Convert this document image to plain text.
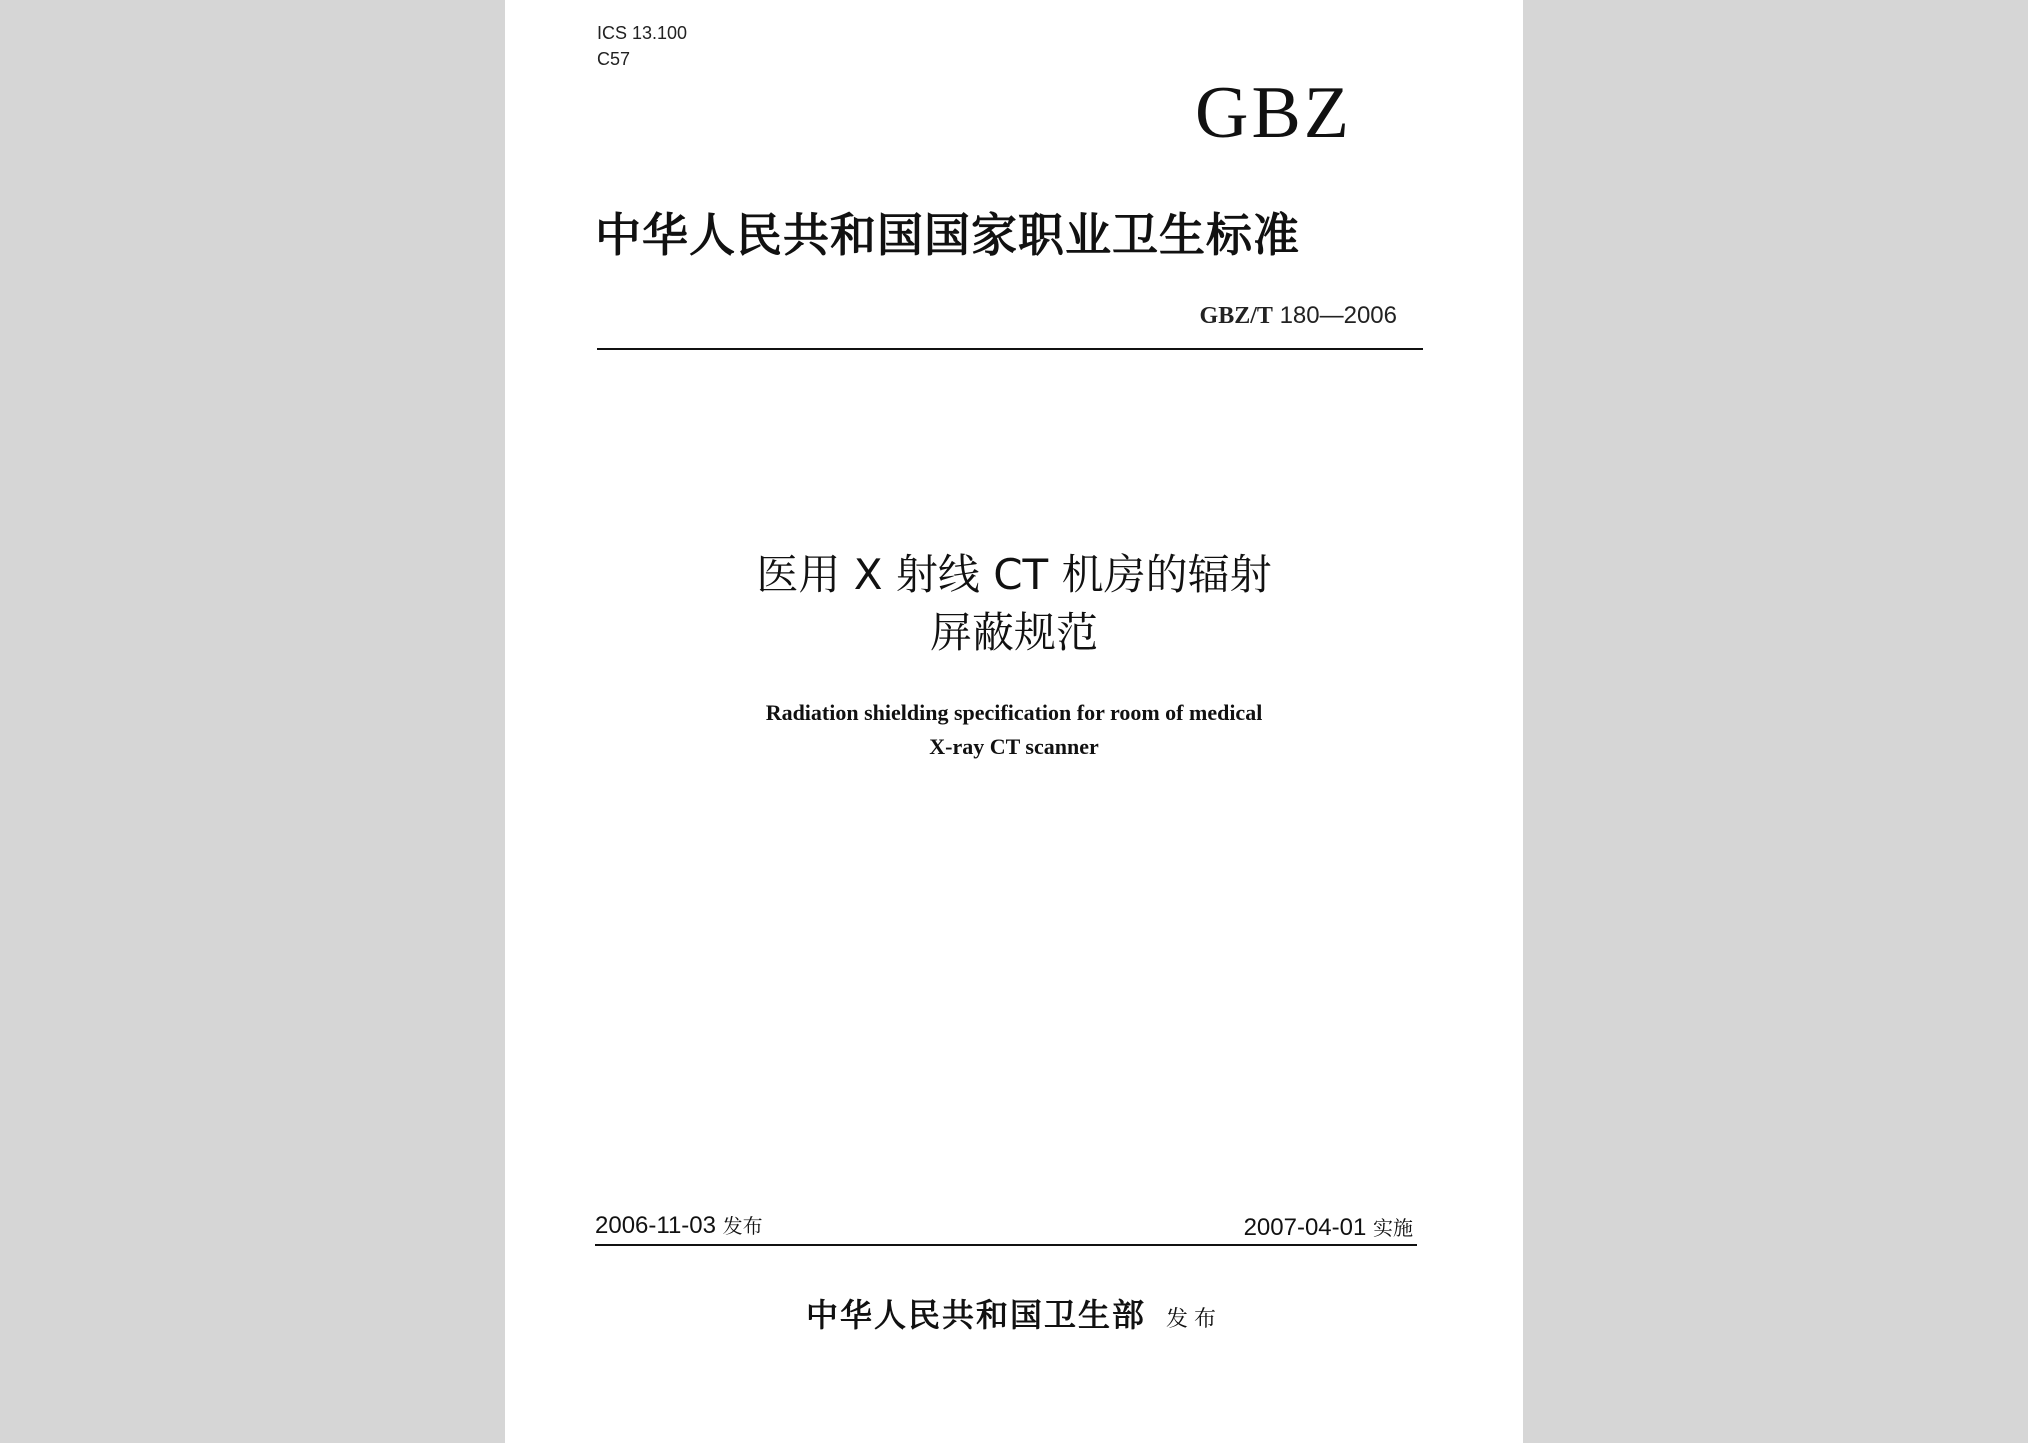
ICS 13.100
C57
GBZ
中华人民共和国国家职业卫生标准
GBZ/T 180—2006
医用 X 射线 CT 机房的辐射
屏蔽规范
Radiation shielding specification for room of medical
X-ray CT scanner
2006-11-03 发布	2007-04-01 实施
中华人民共和国卫生部 发布
